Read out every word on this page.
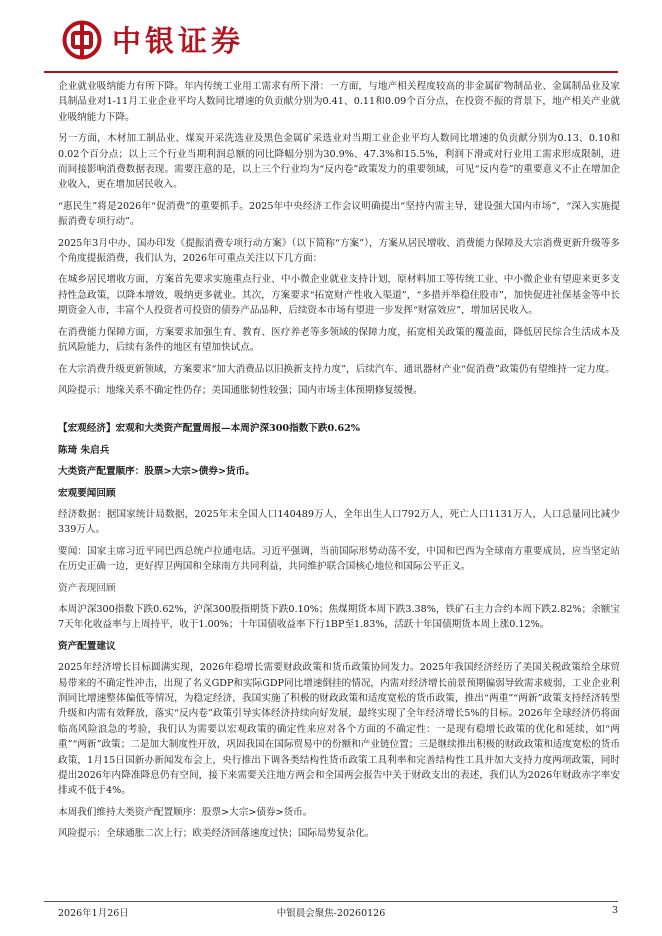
中银证券

企业就业吸纳能力有所下降。年内传统工业用工需求有所下滑：一方面，与地产相关程度较高的非金属矿物制品业、金属制品业及家具制品业对1-11月工业企业平均人数同比增速的负贡献分别为0.41、0.11和0.09个百分点，在投资不振的背景下，地产相关产业就业吸纳能力下降。

另一方面，木材加工制品业、煤炭开采洗选业及黑色金属矿采选业对当期工业企业平均人数同比增速的负贡献分别为0.13、0.10和0.02个百分点；以上三个行业当期利润总额的同比降幅分别为30.9%、47.3%和15.5%，利润下滑或对行业用工需求形成限制，进而间接影响消费数据表现。需要注意的是，以上三个行业均为“反内卷”政策发力的重要领域，可见“反内卷”的重要意义不止在增加企业收入，更在增加居民收入。

“惠民生”将是2026年“促消费”的重要抓手。2025年中央经济工作会议明确提出“坚持内需主导，建设强大国内市场”，“深入实施提振消费专项行动”。

2025年3月中办、国办印发《提振消费专项行动方案》（以下简称“方案”），方案从居民增收、消费能力保障及大宗消费更新升级等多个角度提振消费，我们认为，2026年可重点关注以下几方面：

在城乡居民增收方面，方案首先要求实施重点行业、中小微企业就业支持计划，原材料加工等传统工业、中小微企业有望迎来更多支持性急政策，以降本增效，吸纳更多就业。其次，方案要求“拓宽财产性收入渠道”，“多措并举稳住股市”，加快促进社保基金等中长期资金入市，丰富个人投资者可投资的债券产品品种，后续资本市场有望进一步发挥“财富效应”，增加居民收入。

在消费能力保障方面，方案要求加强生育、教育、医疗养老等多领域的保障力度，拓宽相关政策的覆盖面，降低居民综合生活成本及抗风险能力，后续有条件的地区有望加快试点。

在大宗消费升级更新领域，方案要求“加大消费品以旧换新支持力度”，后续汽车、通讯器材产业“促消费”政策仍有望维持一定力度。

风险提示：地缘关系不确定性仍存；美国通胀韧性较强；国内市场主体预期修复缓慢。

【宏观经济】宏观和大类资产配置周报—本周沪深300指数下跌0.62%

陈琦 朱启兵

大类资产配置顺序：股票>大宗>债券>货币。

宏观要闻回顾

经济数据：据国家统计局数据，2025年末全国人口140489万人，全年出生人口792万人，死亡人口1131万人，人口总量同比减少339万人。

要闻：国家主席习近平同巴西总统卢拉通电话。习近平强调，当前国际形势动荡不安，中国和巴西为全球南方重要成员，应当坚定站在历史正确一边，更好捍卫两国和全球南方共同利益，共同维护联合国核心地位和国际公平正义。

资产表现回顾

本周沪深300指数下跌0.62%，沪深300股指期货下跌0.10%；焦煤期货本周下跌3.38%，铁矿石主力合约本周下跌2.82%；余额宝7天年化收益率与上周持平，收于1.00%；十年国债收益率下行1BP至1.83%，活跃十年国债期货本周上涨0.12%。

资产配置建议

2025年经济增长目标圆满实现，2026年稳增长需要财政政策和货币政策协同发力。2025年我国经济经历了美国关税政策给全球贸易带来的不确定性冲击，出现了名义GDP和实际GDP同比增速倒挂的情况，内需对经济增长前景预期偏弱导致需求疲弱，工业企业利润同比增速整体偏低等情况，为稳定经济，我国实施了积极的财政政策和适度宽松的货币政策，推出“两重”“两新”政策支持经济转型升级和内需有效释放，落实“反内卷”政策引导实体经济持续向好发展，最终实现了全年经济增长5%的目标。2026年全球经济仍将面临高风险浪急的考验，我们认为需要以宏观政策的确定性来应对各个方面的不确定性：一是现有稳增长政策的优化和延续，如“两重”“两新”政策；二是加大制度性开放，巩固我国在国际贸易中的份额和产业链位置；三是继续推出积极的财政政策和适度宽松的货币政策，1月15日国新办新闻发布会上，央行推出下调各类结构性货币政策工具利率和完善结构性工具并加大支持力度两项政策，同时提出2026年内降准降息仍有空间，接下来需要关注地方两会和全国两会报告中关于财政支出的表述，我们认为2026年财政赤字率安排或不低于4%。

本周我们维持大类资产配置顺序：股票>大宗>债券>货币。

风险提示：全球通胀二次上行；欧美经济回落速度过快；国际局势复杂化。

2026年1月26日	中银晨会聚焦-20260126	3
